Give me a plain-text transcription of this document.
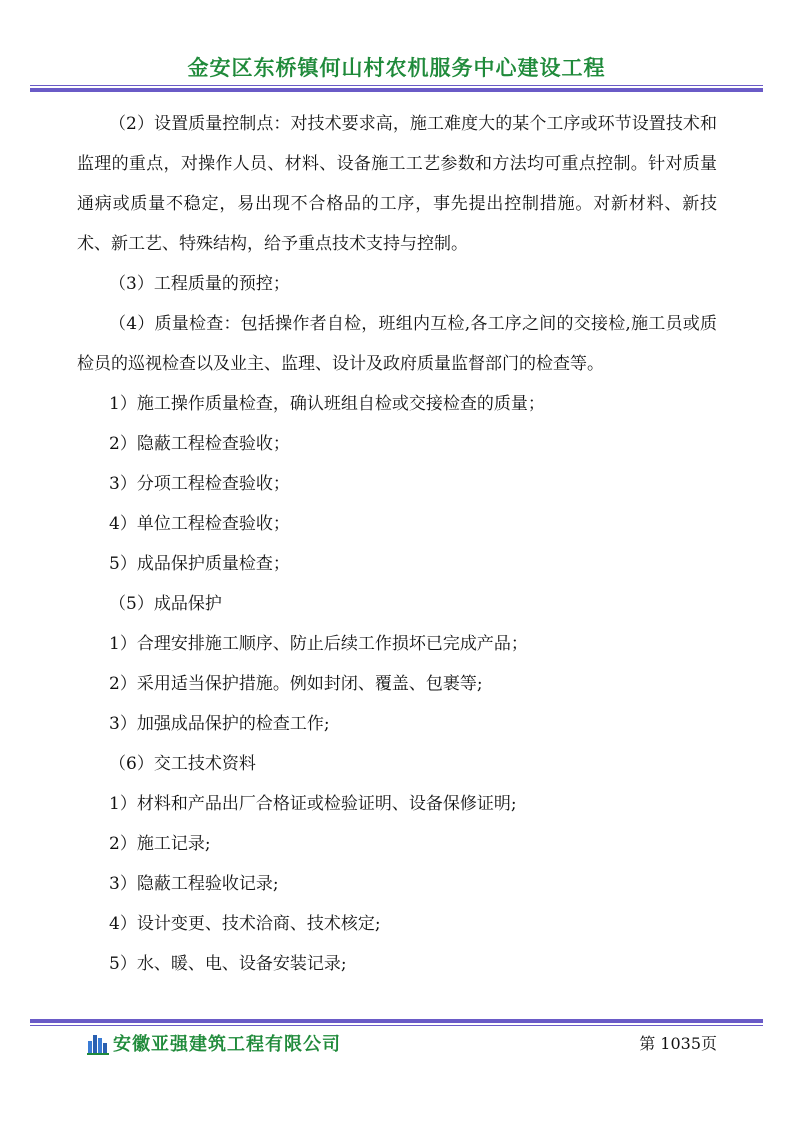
金安区东桥镇何山村农机服务中心建设工程

（2）设置质量控制点：对技术要求高，施工难度大的某个工序或环节设置技术和监理的重点，对操作人员、材料、设备施工工艺参数和方法均可重点控制。针对质量通病或质量不稳定，易出现不合格品的工序，事先提出控制措施。对新材料、新技术、新工艺、特殊结构，给予重点技术支持与控制。

（3）工程质量的预控；

（4）质量检查：包括操作者自检，班组内互检,各工序之间的交接检,施工员或质检员的巡视检查以及业主、监理、设计及政府质量监督部门的检查等。

1）施工操作质量检查，确认班组自检或交接检查的质量；

2）隐蔽工程检查验收；

3）分项工程检查验收；

4）单位工程检查验收；

5）成品保护质量检查；

（5）成品保护

1）合理安排施工顺序、防止后续工作损坏已完成产品；

2）采用适当保护措施。例如封闭、覆盖、包裹等;

3）加强成品保护的检查工作;

（6）交工技术资料

1）材料和产品出厂合格证或检验证明、设备保修证明;

2）施工记录;

3）隐蔽工程验收记录;

4）设计变更、技术洽商、技术核定;

5）水、暖、电、设备安装记录;

安徽亚强建筑工程有限公司	第 1035页
